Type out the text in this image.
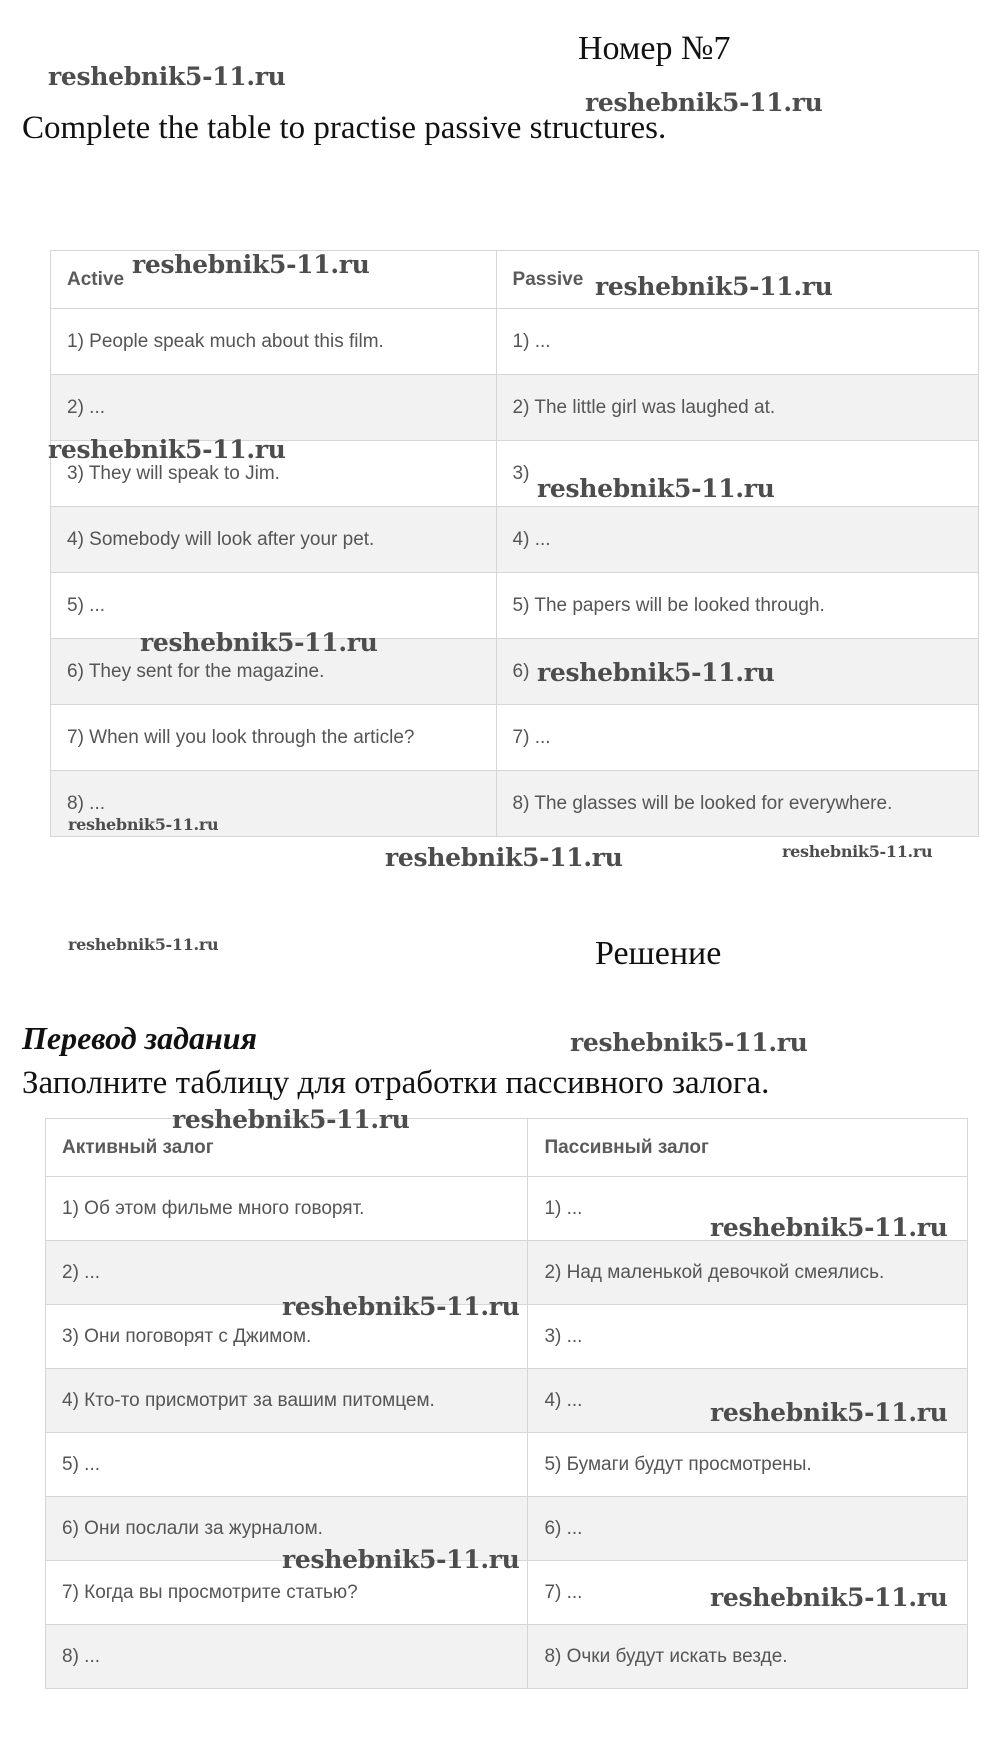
Номер №7
Complete the table to practise passive structures.
Active	Passive
1) People speak much about this film.	1) ...
2) ...	2) The little girl was laughed at.
3) They will speak to Jim.	3)
4) Somebody will look after your pet.	4) ...
5) ...	5) The papers will be looked through.
6) They sent for the magazine.	6)
7) When will you look through the article?	7) ...
8) ...	8) The glasses will be looked for everywhere.
Решение
Перевод задания
Заполните таблицу для отработки пассивного залога.
Активный залог	Пассивный залог
1) Об этом фильме много говорят.	1) ...
2) ...	2) Над маленькой девочкой смеялись.
3) Они поговорят с Джимом.	3) ...
4) Кто-то присмотрит за вашим питомцем.	4) ...
5) ...	5) Бумаги будут просмотрены.
6) Они послали за журналом.	6) ...
7) Когда вы просмотрите статью?	7) ...
8) ...	8) Очки будут искать везде.
reshebnik5-11.ru
reshebnik5-11.ru
reshebnik5-11.ru
reshebnik5-11.ru
reshebnik5-11.ru
reshebnik5-11.ru
reshebnik5-11.ru
reshebnik5-11.ru
reshebnik5-11.ru
reshebnik5-11.ru	reshebnik5-11.ru
reshebnik5-11.ru
reshebnik5-11.ru
reshebnik5-11.ru
reshebnik5-11.ru
reshebnik5-11.ru
reshebnik5-11.ru
reshebnik5-11.ru
reshebnik5-11.ru
